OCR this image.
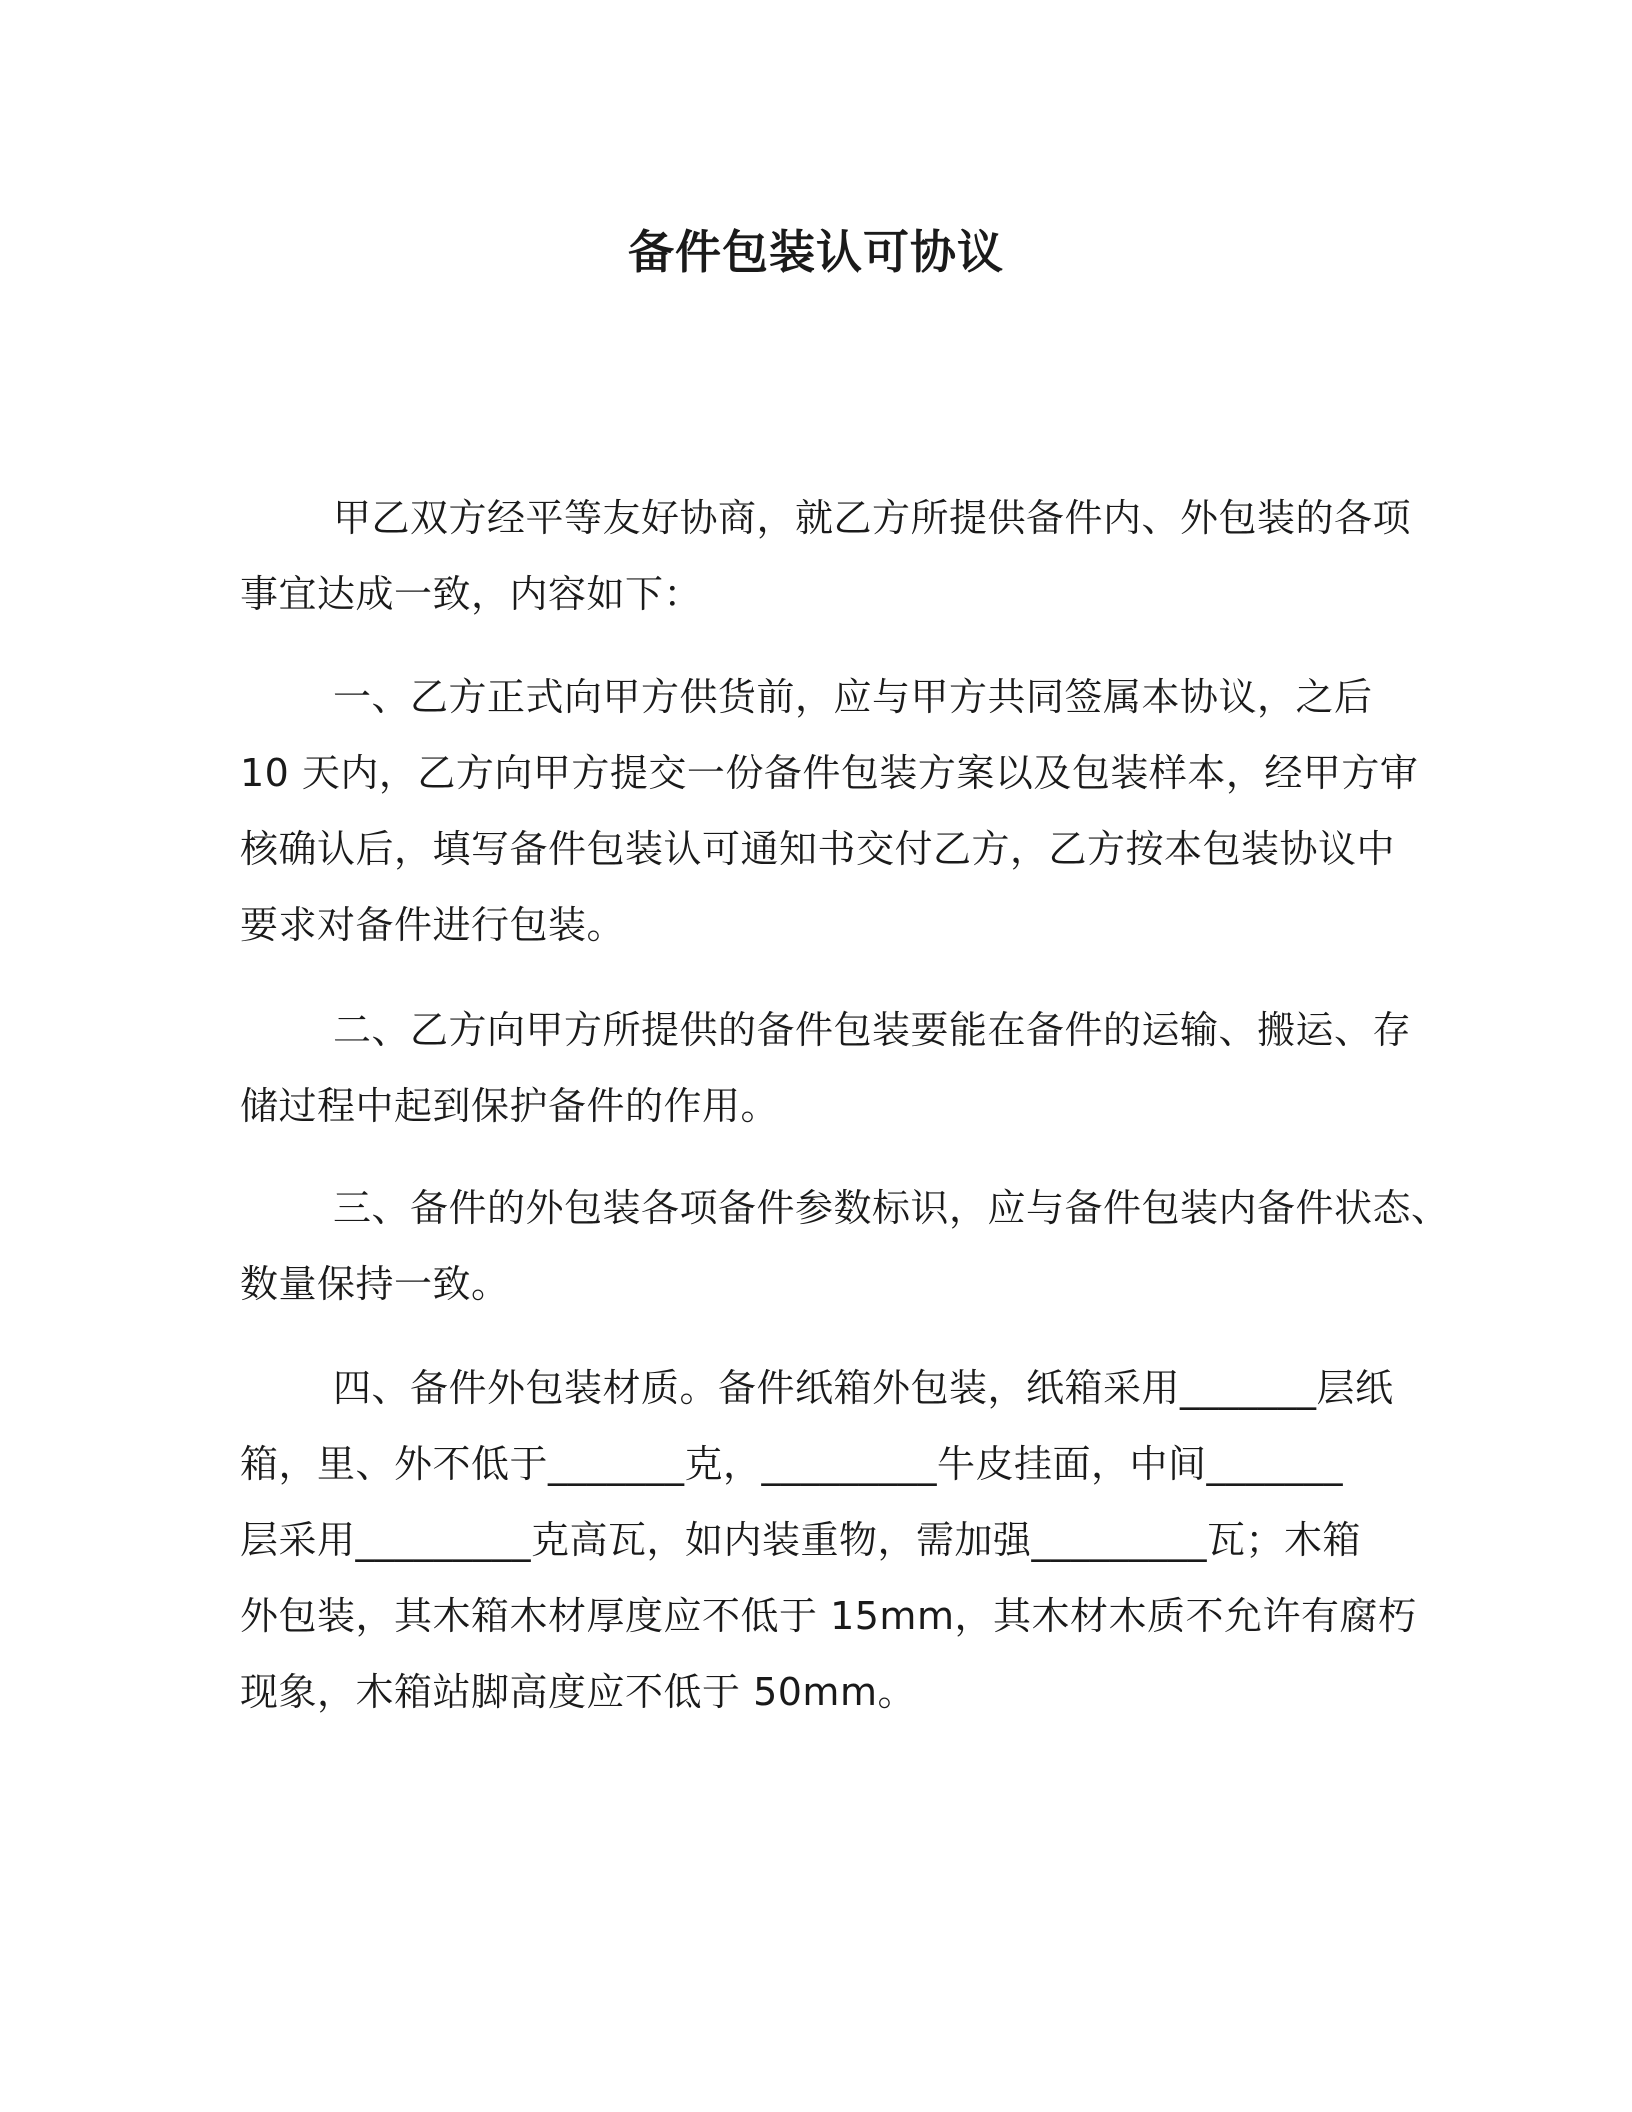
备件包装认可协议
甲乙双方经平等友好协商，就乙方所提供备件内、外包装的各项
事宜达成一致，内容如下：
一、乙方正式向甲方供货前，应与甲方共同签属本协议，之后
10 天内，乙方向甲方提交一份备件包装方案以及包装样本，经甲方审
核确认后，填写备件包装认可通知书交付乙方，乙方按本包装协议中
要求对备件进行包装。
二、乙方向甲方所提供的备件包装要能在备件的运输、搬运、存
储过程中起到保护备件的作用。
三、备件的外包装各项备件参数标识，应与备件包装内备件状态、
数量保持一致。
四、备件外包装材质。备件纸箱外包装，纸箱采用_______层纸
箱，里、外不低于_______克，_________牛皮挂面，中间_______
层采用_________克高瓦，如内装重物，需加强_________瓦；木箱
外包装，其木箱木材厚度应不低于 15mm，其木材木质不允许有腐朽
现象，木箱站脚高度应不低于 50mm。
